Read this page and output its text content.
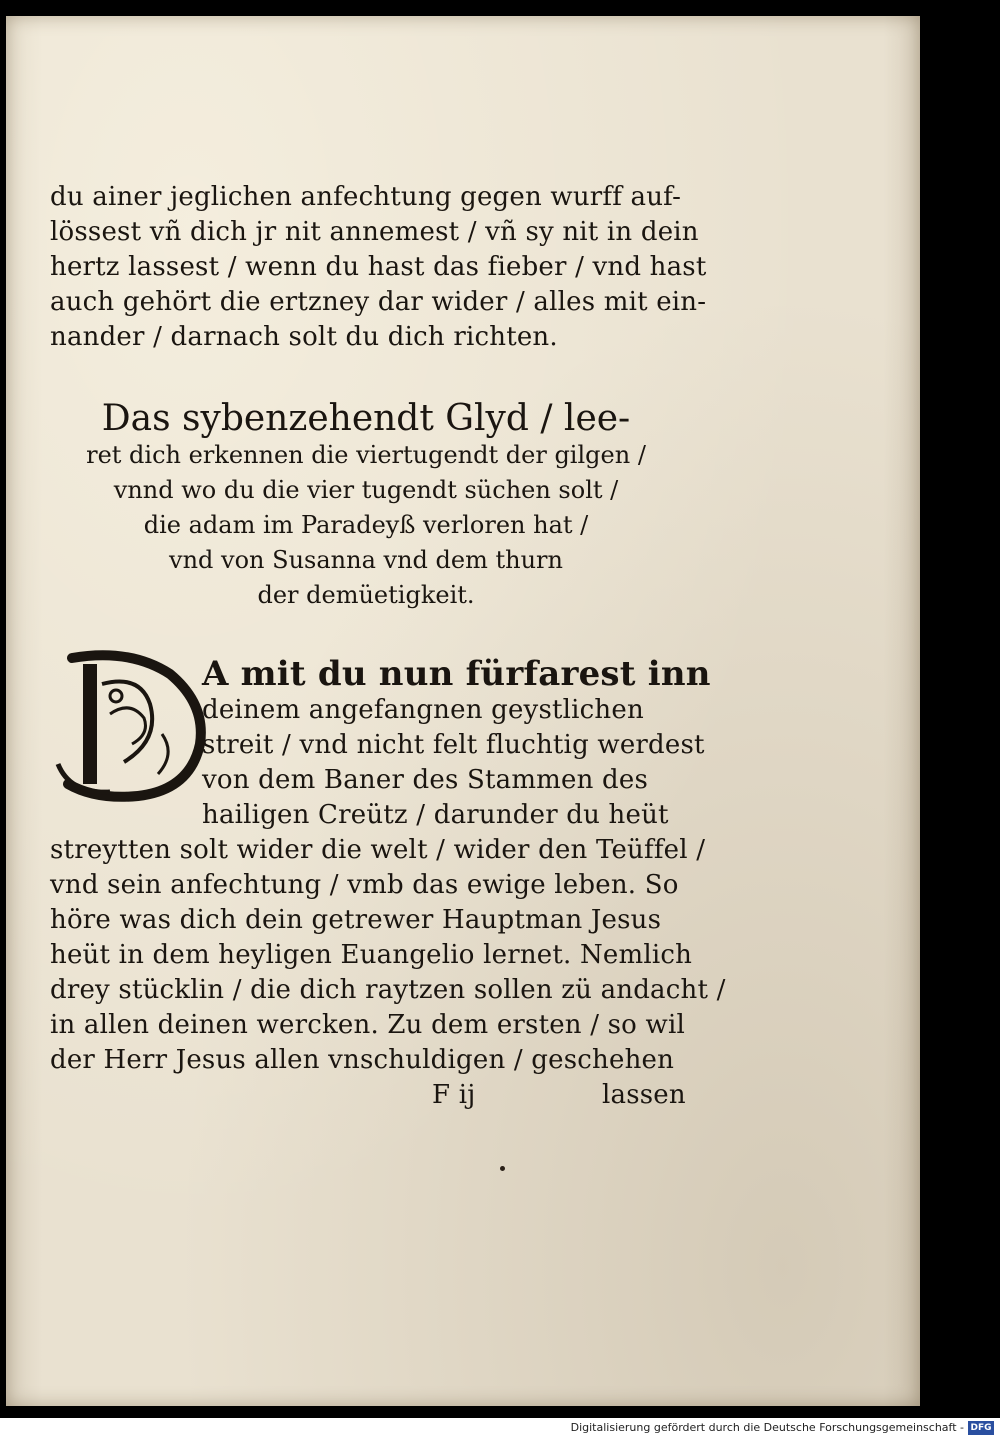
du ainer jeglichen anfechtung gegen wurff auf-
lössest vñ dich jr nit annemest / vñ sy nit in dein
hertz lassest / wenn du hast das fieber / vnd hast
auch gehört die ertzney dar wider / alles mit ein-
nander / darnach solt du dich richten.
Das sybenzehendt Glyd / lee-
ret dich erkennen die viertugendt der gilgen /
vnnd wo du die vier tugendt süchen solt /
die adam im Paradeyß verloren hat /
vnd von Susanna vnd dem thurn
der demüetigkeit.
A mit du nun fürfarest inn
deinem angefangnen geystlichen
streit / vnd nicht felt fluchtig werdest
von dem Baner des Stammen des
hailigen Creütz / darunder du heüt
streytten solt wider die welt / wider den Teüffel /
vnd sein anfechtung / vmb das ewige leben. So
höre was dich dein getrewer Hauptman Jesus
heüt in dem heyligen Euangelio lernet. Nemlich
drey stücklin / die dich raytzen sollen zü andacht /
in allen deinen wercken. Zu dem ersten / so wil
der Herr Jesus allen vnschuldigen / geschehen
F ij	lassen
Digitalisierung gefördert durch die Deutsche Forschungsgemeinschaft - DFG
